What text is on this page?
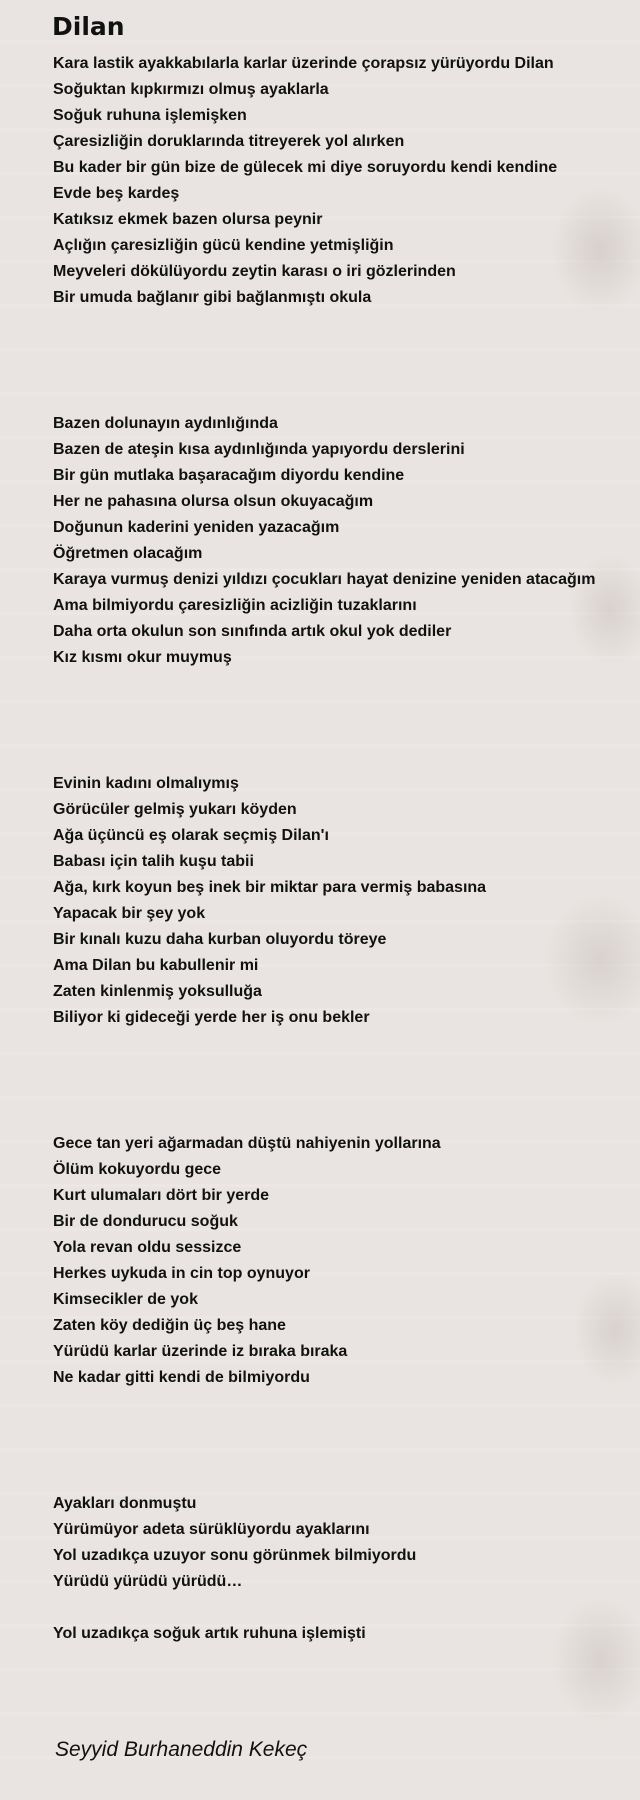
Dilan
Kara lastik ayakkabılarla karlar üzerinde çorapsız yürüyordu Dilan
Soğuktan kıpkırmızı olmuş ayaklarla
Soğuk ruhuna işlemişken
Çaresizliğin doruklarında titreyerek yol alırken
Bu kader bir gün bize de gülecek mi diye soruyordu kendi kendine
Evde beş kardeş
Katıksız ekmek bazen olursa peynir
Açlığın çaresizliğin gücü kendine yetmişliğin
Meyveleri dökülüyordu zeytin karası o iri gözlerinden
Bir umuda bağlanır gibi bağlanmıştı okula
Bazen dolunayın aydınlığında
Bazen de ateşin kısa aydınlığında yapıyordu derslerini
Bir gün mutlaka başaracağım diyordu kendine
Her ne pahasına olursa olsun okuyacağım
Doğunun kaderini yeniden yazacağım
Öğretmen olacağım
Karaya vurmuş denizi yıldızı çocukları hayat denizine yeniden atacağım
Ama bilmiyordu çaresizliğin acizliğin tuzaklarını
Daha orta okulun son sınıfında artık okul yok dediler
Kız kısmı okur muymuş
Evinin kadını olmalıymış
Görücüler gelmiş yukarı köyden
Ağa üçüncü eş olarak seçmiş Dilan'ı
Babası için talih kuşu tabii
Ağa, kırk koyun beş inek bir miktar para vermiş babasına
Yapacak bir şey yok
Bir kınalı kuzu daha kurban oluyordu töreye
Ama Dilan bu kabullenir mi
Zaten kinlenmiş yoksulluğa
Biliyor ki gideceği yerde her iş onu bekler
Gece tan yeri ağarmadan düştü nahiyenin yollarına
Ölüm kokuyordu gece
Kurt ulumaları dört bir yerde
Bir de dondurucu soğuk
Yola revan oldu sessizce
Herkes uykuda in cin top oynuyor
Kimsecikler de yok
Zaten köy dediğin üç beş hane
Yürüdü karlar üzerinde iz bıraka bıraka
Ne kadar gitti kendi de bilmiyordu
Ayakları donmuştu
Yürümüyor adeta sürüklüyordu ayaklarını
Yol uzadıkça uzuyor sonu görünmek bilmiyordu
Yürüdü yürüdü yürüdü…
Yol uzadıkça soğuk artık ruhuna işlemişti
Seyyid Burhaneddin Kekeç
